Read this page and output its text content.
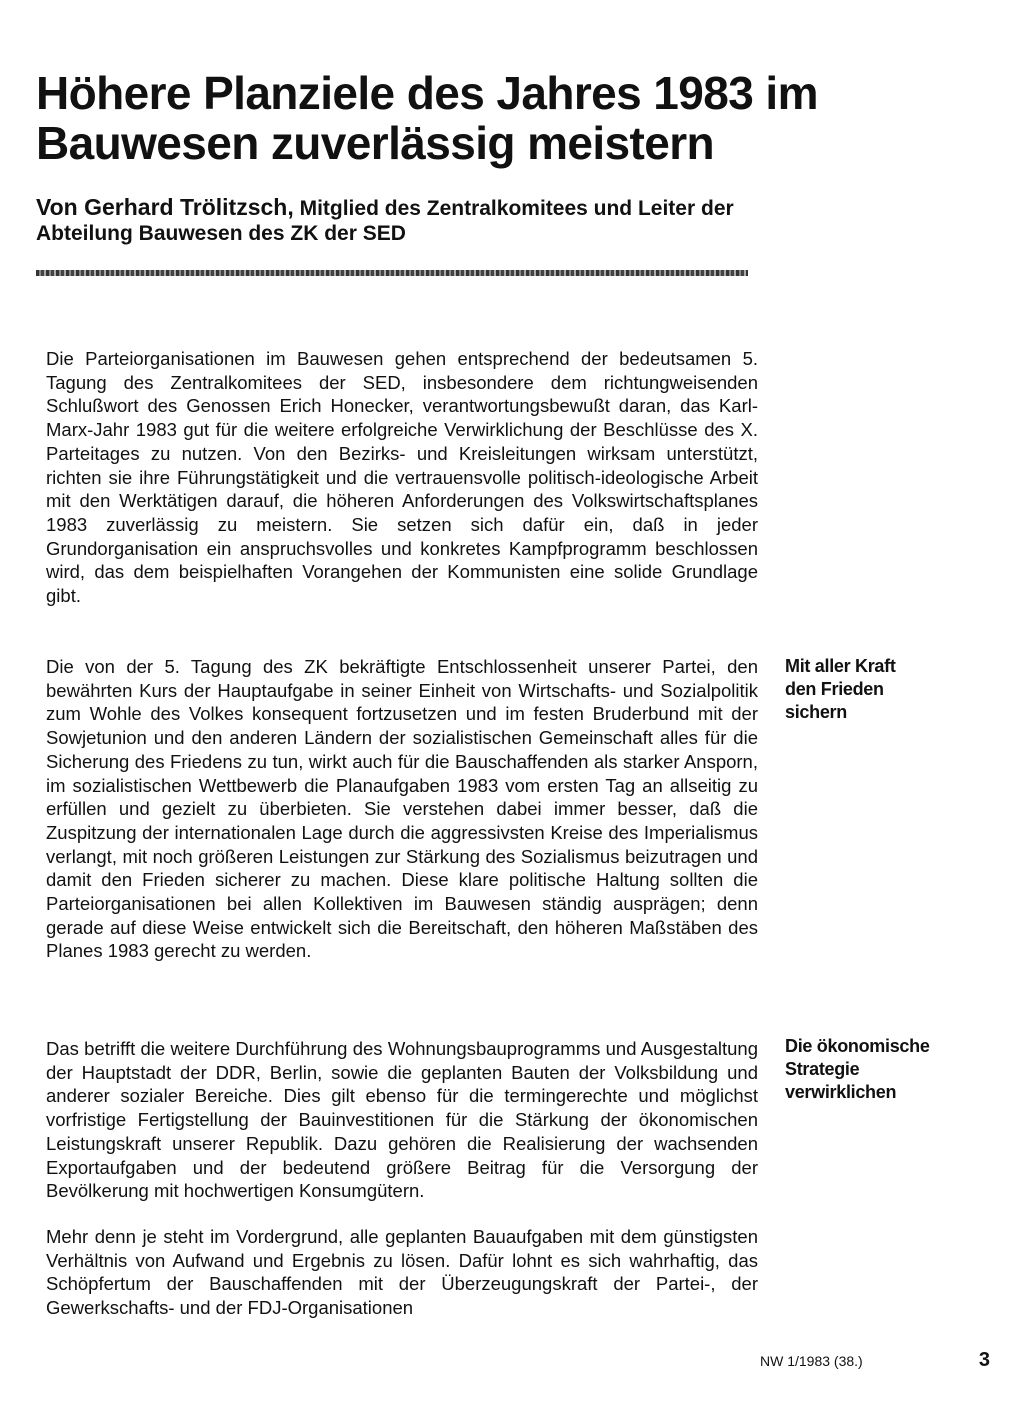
Höhere Planziele des Jahres 1983 im Bauwesen zuverlässig meistern
Von Gerhard Trölitzsch, Mitglied des Zentralkomitees und Leiter der Abteilung Bauwesen des ZK der SED

Die Parteiorganisationen im Bauwesen gehen entsprechend der bedeutsamen 5. Tagung des Zentralkomitees der SED, insbesondere dem richtungweisenden Schlußwort des Genossen Erich Honecker, verantwortungsbewußt daran, das Karl-Marx-Jahr 1983 gut für die weitere erfolgreiche Verwirklichung der Beschlüsse des X. Parteitages zu nutzen. Von den Bezirks- und Kreisleitungen wirksam unterstützt, richten sie ihre Führungstätigkeit und die vertrauensvolle politisch-ideologische Arbeit mit den Werktätigen darauf, die höheren Anforderungen des Volkswirtschaftsplanes 1983 zuverlässig zu meistern. Sie setzen sich dafür ein, daß in jeder Grundorganisation ein anspruchsvolles und konkretes Kampfprogramm beschlossen wird, das dem beispielhaften Vorangehen der Kommunisten eine solide Grundlage gibt.

Die von der 5. Tagung des ZK bekräftigte Entschlossenheit unserer Partei, den bewährten Kurs der Hauptaufgabe in seiner Einheit von Wirtschafts- und Sozialpolitik zum Wohle des Volkes konsequent fortzusetzen und im festen Bruderbund mit der Sowjetunion und den anderen Ländern der sozialistischen Gemeinschaft alles für die Sicherung des Friedens zu tun, wirkt auch für die Bauschaffenden als starker Ansporn, im sozialistischen Wettbewerb die Planaufgaben 1983 vom ersten Tag an allseitig zu erfüllen und gezielt zu überbieten. Sie verstehen dabei immer besser, daß die Zuspitzung der internationalen Lage durch die aggressivsten Kreise des Imperialismus verlangt, mit noch größeren Leistungen zur Stärkung des Sozialismus beizutragen und damit den Frieden sicherer zu machen. Diese klare politische Haltung sollten die Parteiorganisationen bei allen Kollektiven im Bauwesen ständig ausprägen; denn gerade auf diese Weise entwickelt sich die Bereitschaft, den höheren Maßstäben des Planes 1983 gerecht zu werden.

Das betrifft die weitere Durchführung des Wohnungsbauprogramms und Ausgestaltung der Hauptstadt der DDR, Berlin, sowie die geplanten Bauten der Volksbildung und anderer sozialer Bereiche. Dies gilt ebenso für die termingerechte und möglichst vorfristige Fertigstellung der Bauinvestitionen für die Stärkung der ökonomischen Leistungskraft unserer Republik. Dazu gehören die Realisierung der wachsenden Exportaufgaben und der bedeutend größere Beitrag für die Versorgung der Bevölkerung mit hochwertigen Konsumgütern.

Mehr denn je steht im Vordergrund, alle geplanten Bauaufgaben mit dem günstigsten Verhältnis von Aufwand und Ergebnis zu lösen. Dafür lohnt es sich wahrhaftig, das Schöpfertum der Bauschaffenden mit der Überzeugungskraft der Partei-, der Gewerkschafts- und der FDJ-Organisationen

Mit aller Kraft
den Frieden
sichern
Die ökonomische
Strategie
verwirklichen
NW 1/1983 (38.)	3
